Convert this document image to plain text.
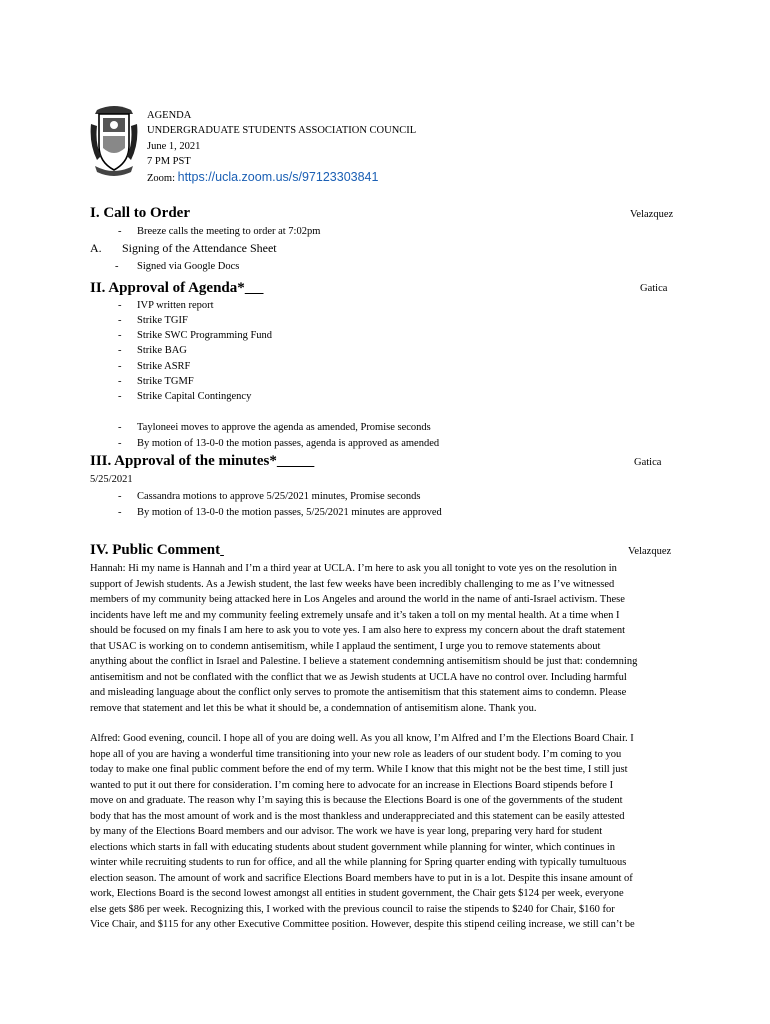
AGENDA
UNDERGRADUATE STUDENTS ASSOCIATION COUNCIL
June 1, 2021
7 PM PST
Zoom: https://ucla.zoom.us/s/97123303841
I. Call to Order	Velazquez
- Breeze calls the meeting to order at 7:02pm
A. Signing of the Attendance Sheet
- Signed via Google Docs
II. Approval of Agenda*	Gatica
- IVP written report
- Strike TGIF
- Strike SWC Programming Fund
- Strike BAG
- Strike ASRF
- Strike TGMF
- Strike Capital Contingency
- Tayloneei moves to approve the agenda as amended, Promise seconds
- By motion of 13-0-0 the motion passes, agenda is approved as amended
III. Approval of the minutes*	Gatica
5/25/2021
- Cassandra motions to approve 5/25/2021 minutes, Promise seconds
- By motion of 13-0-0 the motion passes, 5/25/2021 minutes are approved
IV. Public Comment	Velazquez
Hannah: Hi my name is Hannah and I’m a third year at UCLA. I’m here to ask you all tonight to vote yes on the resolution in
support of Jewish students. As a Jewish student, the last few weeks have been incredibly challenging to me as I’ve witnessed
members of my community being attacked here in Los Angeles and around the world in the name of anti-Israel activism. These
incidents have left me and my community feeling extremely unsafe and it’s taken a toll on my mental health. At a time when I
should be focused on my finals I am here to ask you to vote yes. I am also here to express my concern about the draft statement
that USAC is working on to condemn antisemitism, while I applaud the sentiment, I urge you to remove statements about
anything about the conflict in Israel and Palestine. I believe a statement condemning antisemitism should be just that: condemning
antisemitism and not be conflated with the conflict that we as Jewish students at UCLA have no control over. Including harmful
and misleading language about the conflict only serves to promote the antisemitism that this statement aims to condemn. Please
remove that statement and let this be what it should be, a condemnation of antisemitism alone. Thank you.
Alfred: Good evening, council. I hope all of you are doing well. As you all know, I’m Alfred and I’m the Elections Board Chair. I
hope all of you are having a wonderful time transitioning into your new role as leaders of our student body. I’m coming to you
today to make one final public comment before the end of my term. While I know that this might not be the best time, I still just
wanted to put it out there for consideration. I’m coming here to advocate for an increase in Elections Board stipends before I
move on and graduate. The reason why I’m saying this is because the Elections Board is one of the governments of the student
body that has the most amount of work and is the most thankless and underappreciated and this statement can be easily attested
by many of the Elections Board members and our advisor. The work we have is year long, preparing very hard for student
elections which starts in fall with educating students about student government while planning for winter, which continues in
winter while recruiting students to run for office, and all the while planning for Spring quarter ending with typically tumultuous
election season. The amount of work and sacrifice Elections Board members have to put in is a lot. Despite this insane amount of
work, Elections Board is the second lowest amongst all entities in student government, the Chair gets $124 per week, everyone
else gets $86 per week. Recognizing this, I worked with the previous council to raise the stipends to $240 for Chair, $160 for
Vice Chair, and $115 for any other Executive Committee position. However, despite this stipend ceiling increase, we still can’t be
